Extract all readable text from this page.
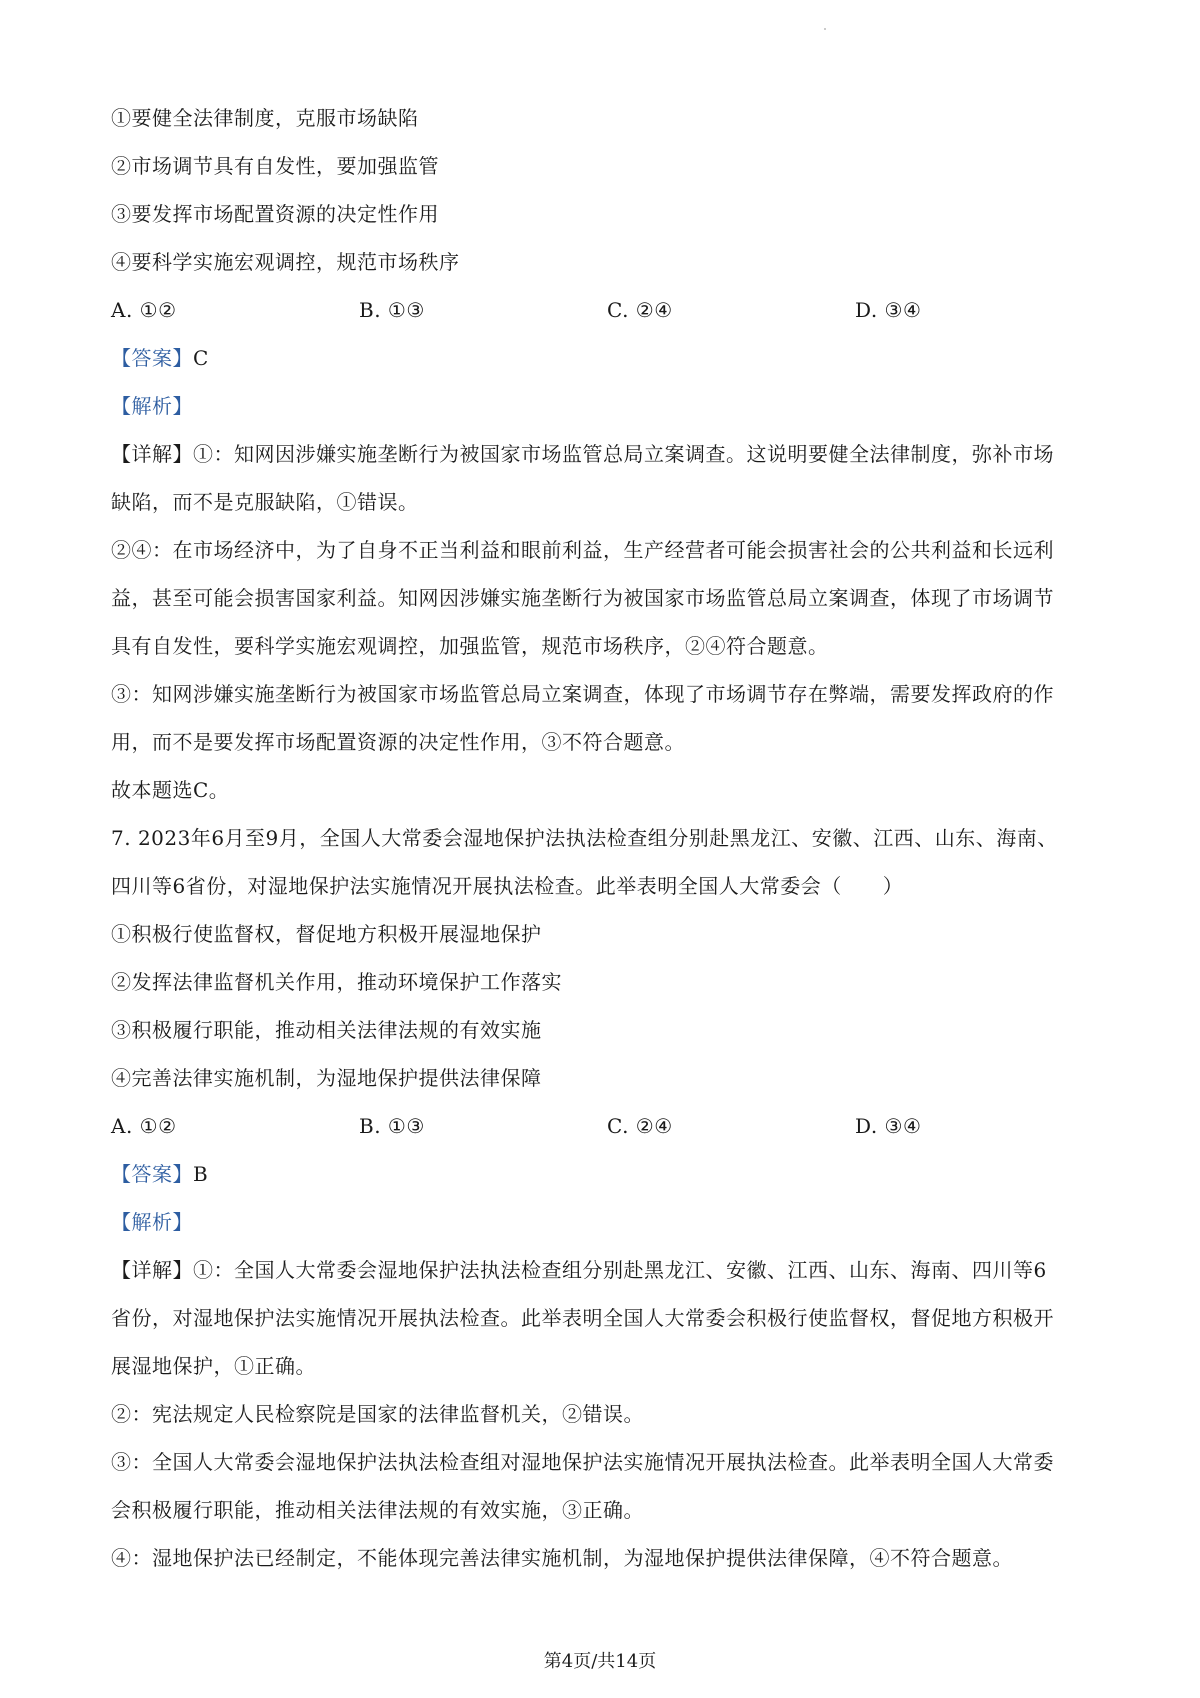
①要健全法律制度，克服市场缺陷
②市场调节具有自发性，要加强监管
③要发挥市场配置资源的决定性作用
④要科学实施宏观调控，规范市场秩序
A. ①②	B. ①③	C. ②④	D. ③④
【答案】C
【解析】
【详解】①：知网因涉嫌实施垄断行为被国家市场监管总局立案调查。这说明要健全法律制度，弥补市场
缺陷，而不是克服缺陷，①错误。
②④：在市场经济中，为了自身不正当利益和眼前利益，生产经营者可能会损害社会的公共利益和长远利
益，甚至可能会损害国家利益。知网因涉嫌实施垄断行为被国家市场监管总局立案调查，体现了市场调节
具有自发性，要科学实施宏观调控，加强监管，规范市场秩序，②④符合题意。
③：知网涉嫌实施垄断行为被国家市场监管总局立案调查，体现了市场调节存在弊端，需要发挥政府的作
用，而不是要发挥市场配置资源的决定性作用，③不符合题意。
故本题选C。
7. 2023年6月至9月，全国人大常委会湿地保护法执法检查组分别赴黑龙江、安徽、江西、山东、海南、
四川等6省份，对湿地保护法实施情况开展执法检查。此举表明全国人大常委会（　　）
①积极行使监督权，督促地方积极开展湿地保护
②发挥法律监督机关作用，推动环境保护工作落实
③积极履行职能，推动相关法律法规的有效实施
④完善法律实施机制，为湿地保护提供法律保障
A. ①②	B. ①③	C. ②④	D. ③④
【答案】B
【解析】
【详解】①：全国人大常委会湿地保护法执法检查组分别赴黑龙江、安徽、江西、山东、海南、四川等6
省份，对湿地保护法实施情况开展执法检查。此举表明全国人大常委会积极行使监督权，督促地方积极开
展湿地保护，①正确。
②：宪法规定人民检察院是国家的法律监督机关，②错误。
③：全国人大常委会湿地保护法执法检查组对湿地保护法实施情况开展执法检查。此举表明全国人大常委
会积极履行职能，推动相关法律法规的有效实施，③正确。
④：湿地保护法已经制定，不能体现完善法律实施机制，为湿地保护提供法律保障，④不符合题意。
第4页/共14页
